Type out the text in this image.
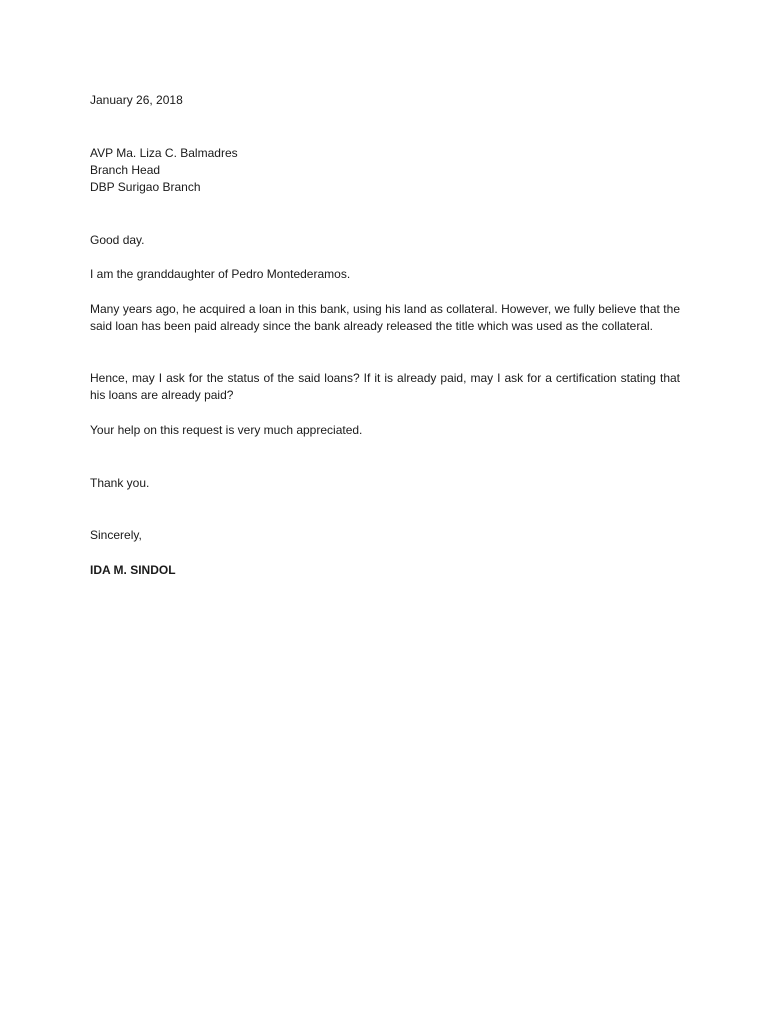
January 26, 2018
AVP Ma. Liza C. Balmadres
Branch Head
DBP Surigao Branch
Good day.

I am the granddaughter of Pedro Montederamos.

Many years ago, he acquired a loan in this bank, using his land as collateral. However, we fully believe that the said loan has been paid already since the bank already released the title which was used as the collateral.

Hence, may I ask for the status of the said loans? If it is already paid, may I ask for a certification stating that his loans are already paid?

Your help on this request is very much appreciated.

Thank you.
Sincerely,
IDA M. SINDOL
